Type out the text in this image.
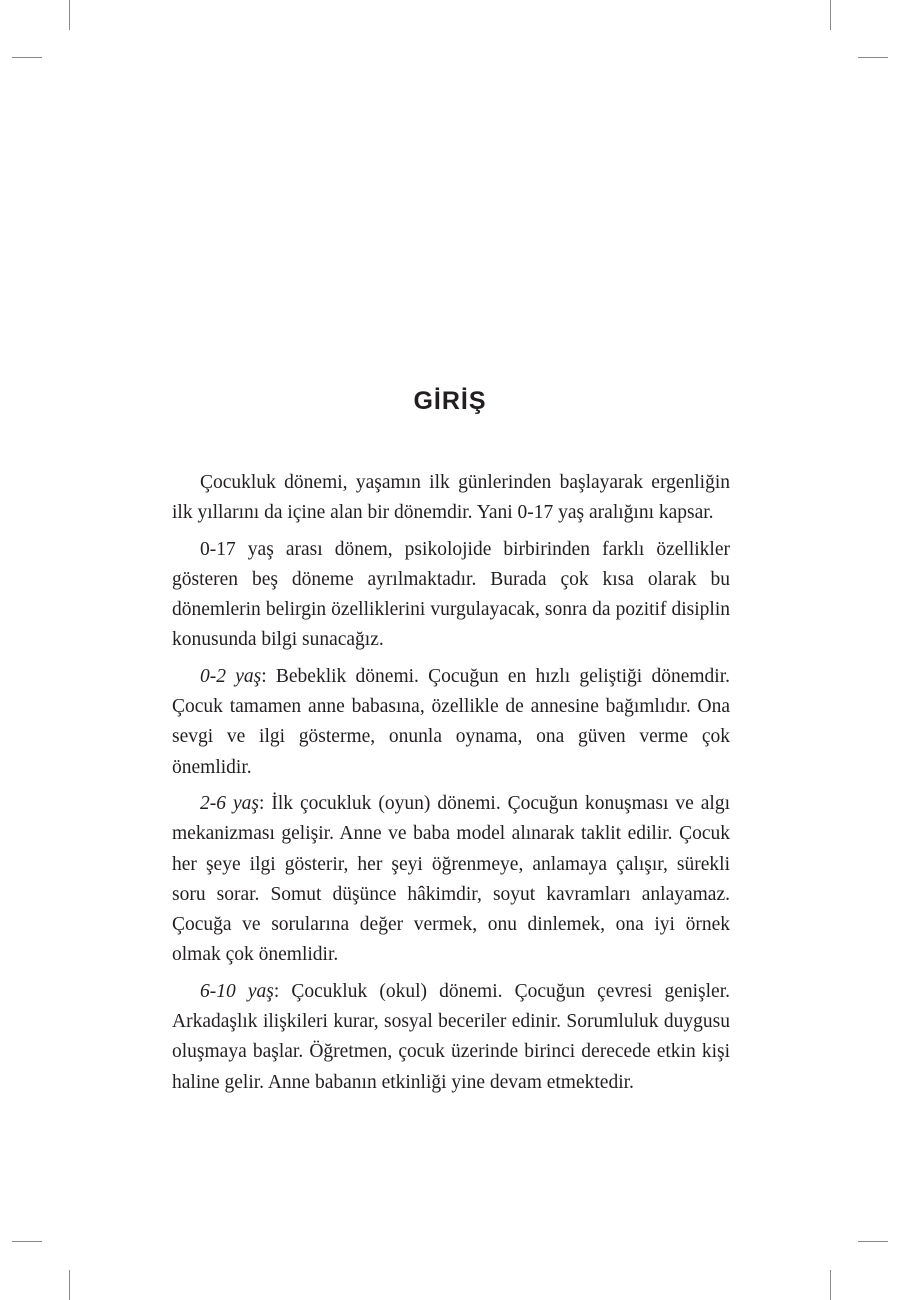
GİRİŞ

Çocukluk dönemi, yaşamın ilk günlerinden başlayarak ergenliğin ilk yıllarını da içine alan bir dönemdir. Yani 0-17 yaş aralığını kapsar.

0-17 yaş arası dönem, psikolojide birbirinden farklı özellikler gösteren beş döneme ayrılmaktadır. Burada çok kısa olarak bu dönemlerin belirgin özelliklerini vurgulayacak, sonra da pozitif disiplin konusunda bilgi sunacağız.

0-2 yaş: Bebeklik dönemi. Çocuğun en hızlı geliştiği dönemdir. Çocuk tamamen anne babasına, özellikle de annesine bağımlıdır. Ona sevgi ve ilgi gösterme, onunla oynama, ona güven verme çok önemlidir.

2-6 yaş: İlk çocukluk (oyun) dönemi. Çocuğun konuşması ve algı mekanizması gelişir. Anne ve baba model alınarak taklit edilir. Çocuk her şeye ilgi gösterir, her şeyi öğrenmeye, anlamaya çalışır, sürekli soru sorar. Somut düşünce hâkimdir, soyut kavramları anlayamaz. Çocuğa ve sorularına değer vermek, onu dinlemek, ona iyi örnek olmak çok önemlidir.

6-10 yaş: Çocukluk (okul) dönemi. Çocuğun çevresi genişler. Arkadaşlık ilişkileri kurar, sosyal beceriler edinir. Sorumluluk duygusu oluşmaya başlar. Öğretmen, çocuk üzerinde birinci derecede etkin kişi haline gelir. Anne babanın etkinliği yine devam etmektedir.
